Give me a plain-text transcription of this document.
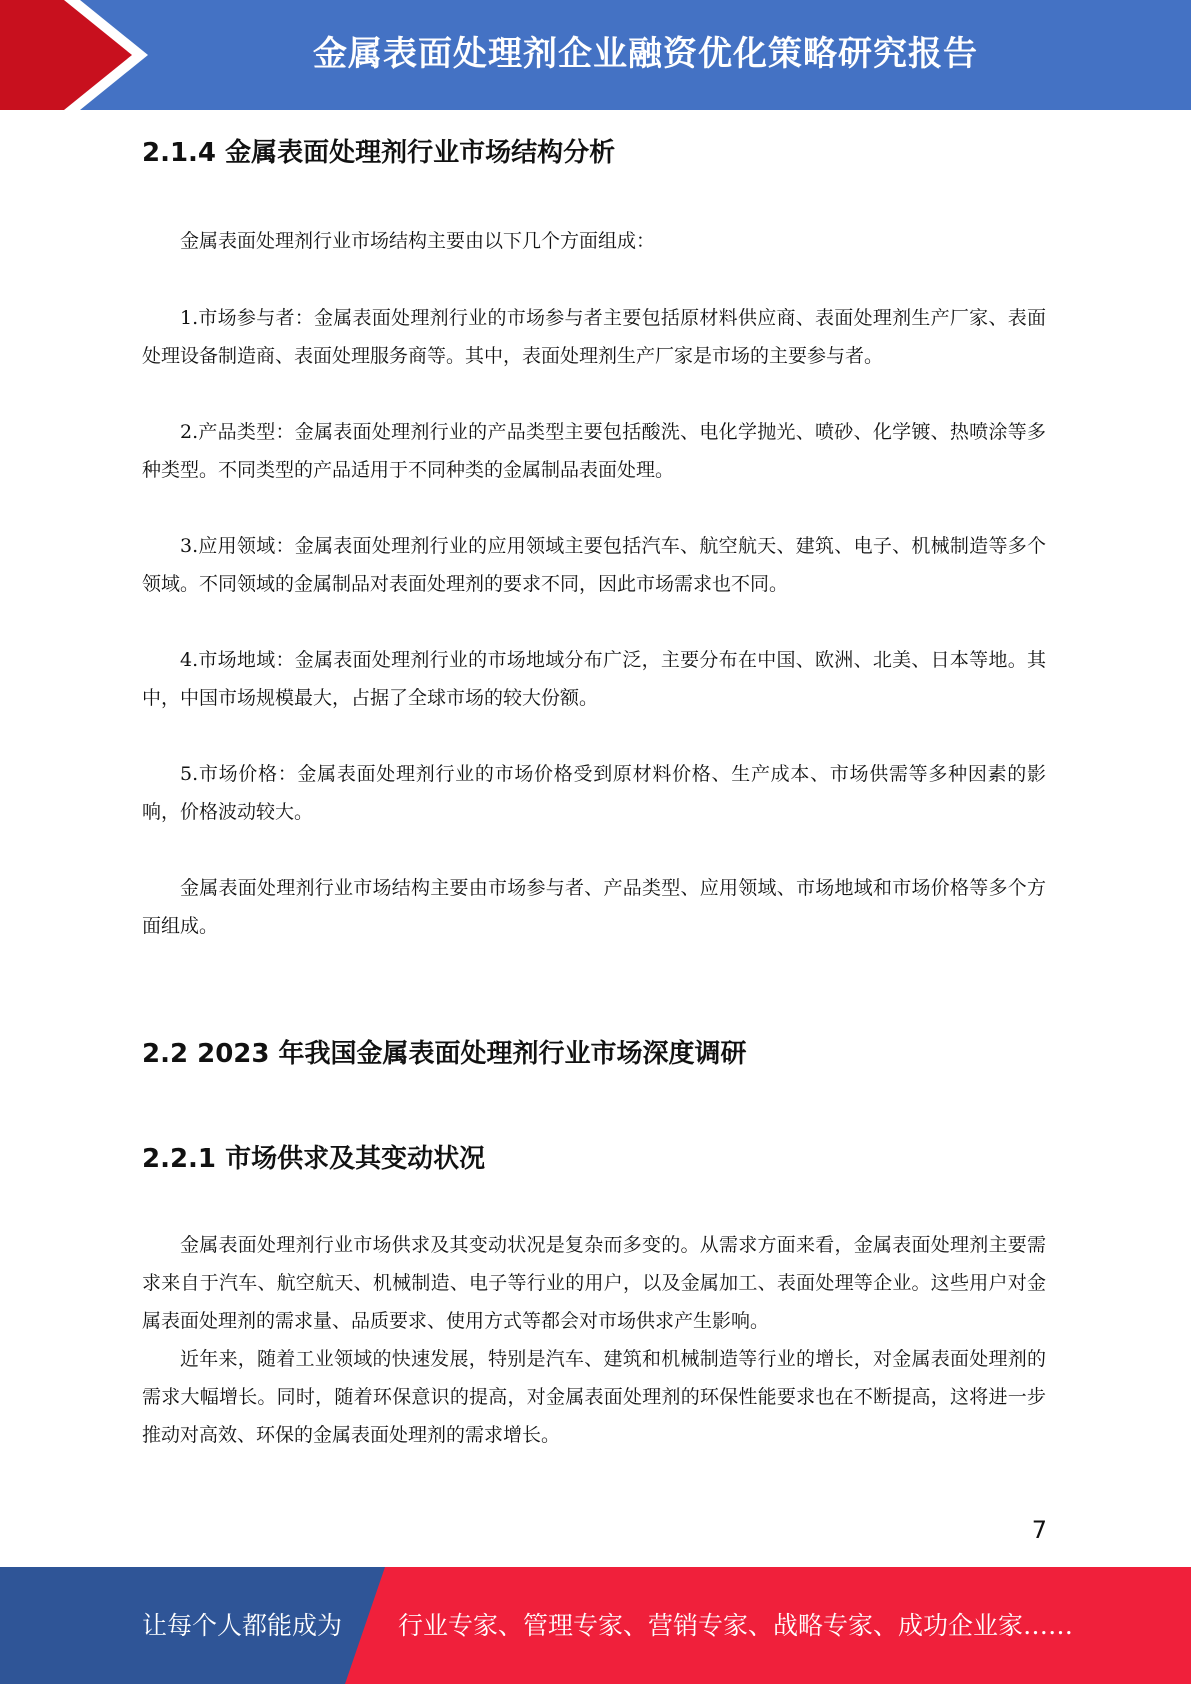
金属表面处理剂企业融资优化策略研究报告
2.1.4 金属表面处理剂行业市场结构分析

金属表面处理剂行业市场结构主要由以下几个方面组成：

1.市场参与者：金属表面处理剂行业的市场参与者主要包括原材料供应商、表面处理剂生产厂家、表面处理设备制造商、表面处理服务商等。其中，表面处理剂生产厂家是市场的主要参与者。

2.产品类型：金属表面处理剂行业的产品类型主要包括酸洗、电化学抛光、喷砂、化学镀、热喷涂等多种类型。不同类型的产品适用于不同种类的金属制品表面处理。

3.应用领域：金属表面处理剂行业的应用领域主要包括汽车、航空航天、建筑、电子、机械制造等多个领域。不同领域的金属制品对表面处理剂的要求不同，因此市场需求也不同。

4.市场地域：金属表面处理剂行业的市场地域分布广泛，主要分布在中国、欧洲、北美、日本等地。其中，中国市场规模最大，占据了全球市场的较大份额。

5.市场价格：金属表面处理剂行业的市场价格受到原材料价格、生产成本、市场供需等多种因素的影响，价格波动较大。

金属表面处理剂行业市场结构主要由市场参与者、产品类型、应用领域、市场地域和市场价格等多个方面组成。

2.2 2023 年我国金属表面处理剂行业市场深度调研
2.2.1 市场供求及其变动状况

金属表面处理剂行业市场供求及其变动状况是复杂而多变的。从需求方面来看，金属表面处理剂主要需求来自于汽车、航空航天、机械制造、电子等行业的用户，以及金属加工、表面处理等企业。这些用户对金属表面处理剂的需求量、品质要求、使用方式等都会对市场供求产生影响。

近年来，随着工业领域的快速发展，特别是汽车、建筑和机械制造等行业的增长，对金属表面处理剂的需求大幅增长。同时，随着环保意识的提高，对金属表面处理剂的环保性能要求也在不断提高，这将进一步推动对高效、环保的金属表面处理剂的需求增长。

7
让每个人都能成为 行业专家、管理专家、营销专家、战略专家、成功企业家……
